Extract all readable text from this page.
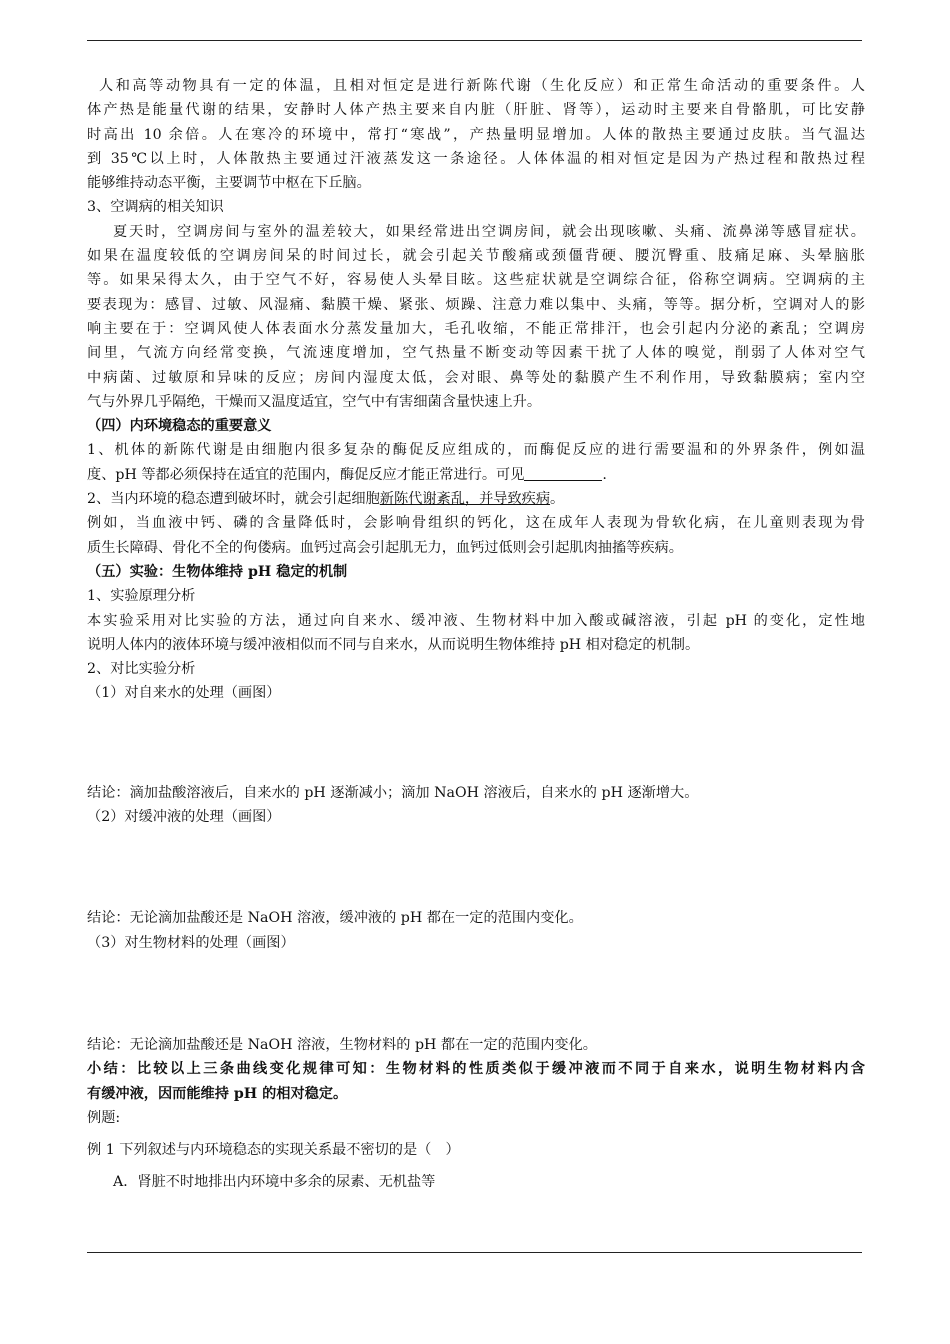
人和高等动物具有一定的体温，且相对恒定是进行新陈代谢（生化反应）和正常生命活动的重要条件。人
体产热是能量代谢的结果，安静时人体产热主要来自内脏（肝脏、肾等），运动时主要来自骨骼肌，可比安静
时高出 10 余倍。人在寒冷的环境中，常打“寒战”，产热量明显增加。人体的散热主要通过皮肤。当气温达
到 35℃以上时，人体散热主要通过汗液蒸发这一条途径。人体体温的相对恒定是因为产热过程和散热过程
能够维持动态平衡，主要调节中枢在下丘脑。
3、空调病的相关知识
夏天时，空调房间与室外的温差较大，如果经常进出空调房间，就会出现咳嗽、头痛、流鼻涕等感冒症状。
如果在温度较低的空调房间呆的时间过长，就会引起关节酸痛或颈僵背硬、腰沉臀重、肢痛足麻、头晕脑胀
等。如果呆得太久，由于空气不好，容易使人头晕目眩。这些症状就是空调综合征，俗称空调病。空调病的主
要表现为：感冒、过敏、风湿痛、黏膜干燥、紧张、烦躁、注意力难以集中、头痛，等等。据分析，空调对人的影
响主要在于：空调风使人体表面水分蒸发量加大，毛孔收缩，不能正常排汗，也会引起内分泌的紊乱；空调房
间里，气流方向经常变换，气流速度增加，空气热量不断变动等因素干扰了人体的嗅觉，削弱了人体对空气
中病菌、过敏原和异味的反应；房间内湿度太低，会对眼、鼻等处的黏膜产生不利作用，导致黏膜病；室内空
气与外界几乎隔绝，干燥而又温度适宜，空气中有害细菌含量快速上升。
（四）内环境稳态的重要意义
1、机体的新陈代谢是由细胞内很多复杂的酶促反应组成的，而酶促反应的进行需要温和的外界条件，例如温
度、pH 等都必须保持在适宜的范围内，酶促反应才能正常进行。可见	.
2、当内环境的稳态遭到破坏时，就会引起细胞新陈代谢紊乱，并导致疾病。
例如，当血液中钙、磷的含量降低时，会影响骨组织的钙化，这在成年人表现为骨软化病，在儿童则表现为骨
质生长障碍、骨化不全的佝偻病。血钙过高会引起肌无力，血钙过低则会引起肌肉抽搐等疾病。
（五）实验：生物体维持 pH 稳定的机制
1、实验原理分析
本实验采用对比实验的方法，通过向自来水、缓冲液、生物材料中加入酸或碱溶液，引起 pH 的变化，定性地
说明人体内的液体环境与缓冲液相似而不同与自来水，从而说明生物体维持 pH 相对稳定的机制。
2、对比实验分析
（1）对自来水的处理（画图）
结论：滴加盐酸溶液后，自来水的 pH 逐渐减小；滴加 NaOH 溶液后，自来水的 pH 逐渐增大。
（2）对缓冲液的处理（画图）
结论：无论滴加盐酸还是 NaOH 溶液，缓冲液的 pH 都在一定的范围内变化。
（3）对生物材料的处理（画图）
结论：无论滴加盐酸还是 NaOH 溶液，生物材料的 pH 都在一定的范围内变化。
小结：比较以上三条曲线变化规律可知：生物材料的性质类似于缓冲液而不同于自来水，说明生物材料内含
有缓冲液，因而能维持 pH 的相对稳定。
例题:
例 1 下列叙述与内环境稳态的实现关系最不密切的是（　）
A．肾脏不时地排出内环境中多余的尿素、无机盐等
